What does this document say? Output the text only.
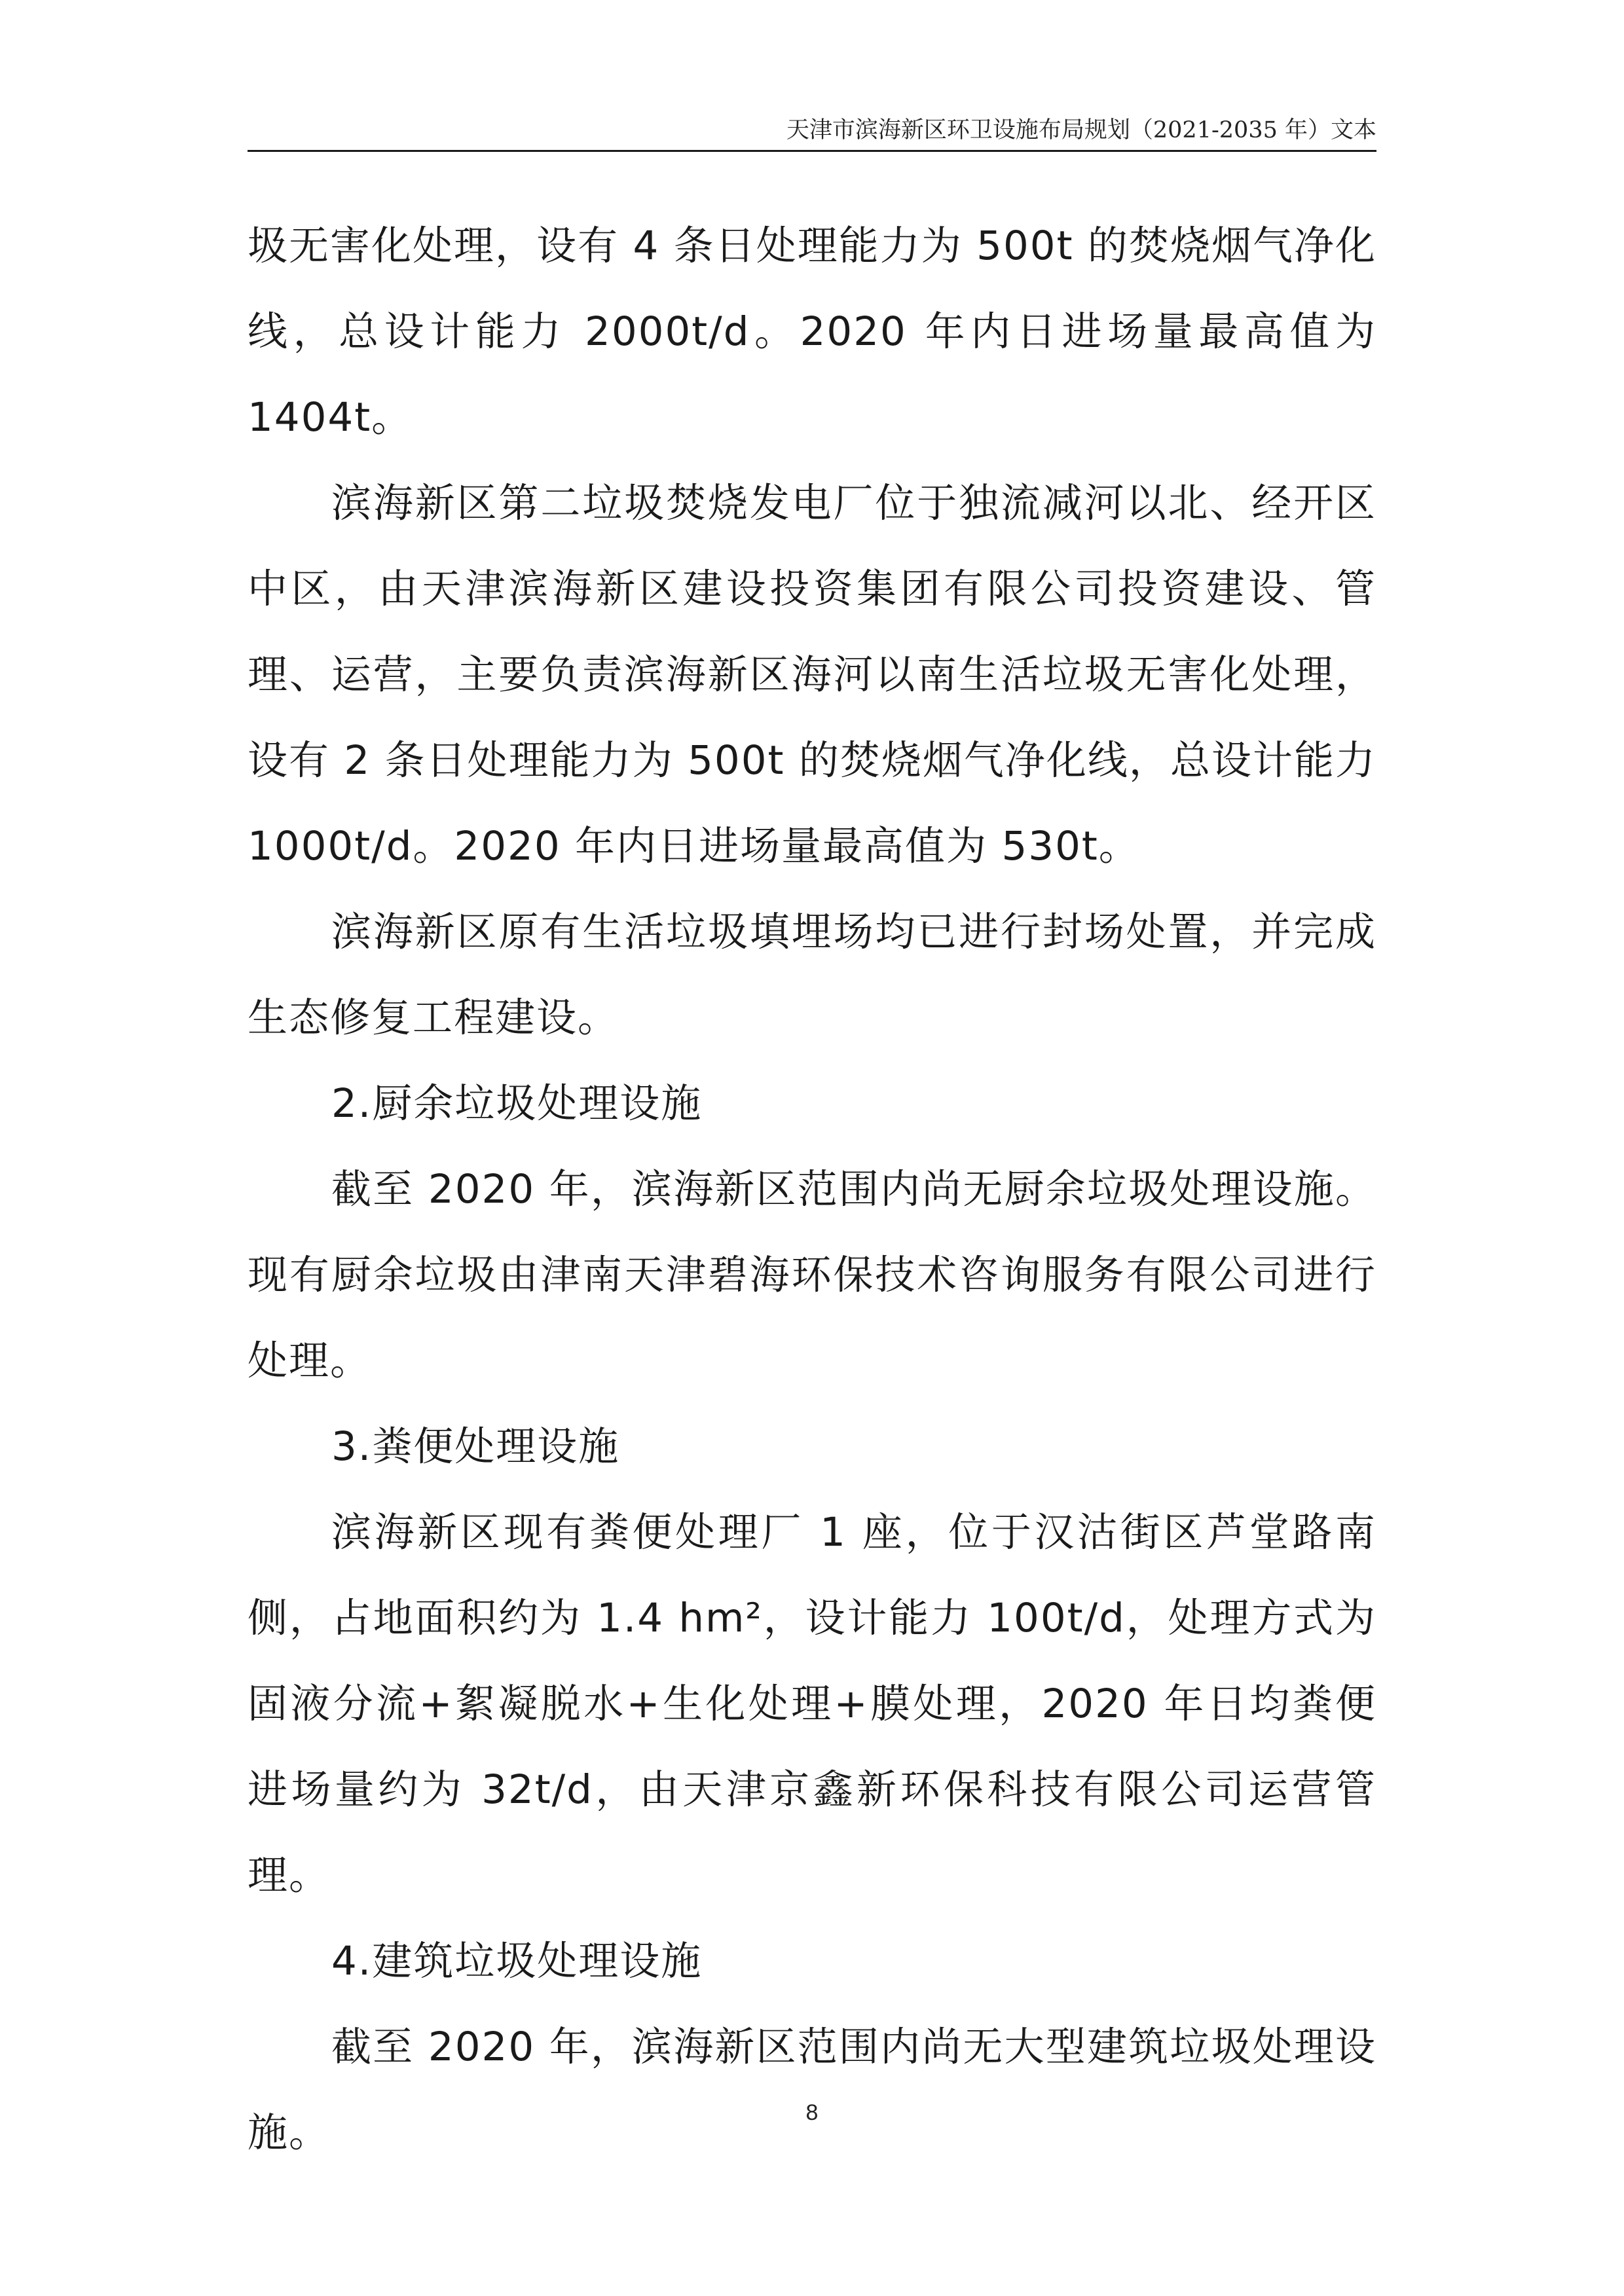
天津市滨海新区环卫设施布局规划（2021-2035 年）文本

圾无害化处理，设有 4 条日处理能力为 500t 的焚烧烟气净化线，总设计能力 2000t/d。2020 年内日进场量最高值为 1404t。

滨海新区第二垃圾焚烧发电厂位于独流减河以北、经开区中区，由天津滨海新区建设投资集团有限公司投资建设、管理、运营，主要负责滨海新区海河以南生活垃圾无害化处理，设有 2 条日处理能力为 500t 的焚烧烟气净化线，总设计能力 1000t/d。2020 年内日进场量最高值为 530t。

滨海新区原有生活垃圾填埋场均已进行封场处置，并完成生态修复工程建设。

2.厨余垃圾处理设施

截至 2020 年，滨海新区范围内尚无厨余垃圾处理设施。现有厨余垃圾由津南天津碧海环保技术咨询服务有限公司进行处理。

3.粪便处理设施

滨海新区现有粪便处理厂 1 座，位于汉沽街区芦堂路南侧，占地面积约为 1.4 hm²，设计能力 100t/d，处理方式为固液分流+絮凝脱水+生化处理+膜处理，2020 年日均粪便进场量约为 32t/d，由天津京鑫新环保科技有限公司运营管理。

4.建筑垃圾处理设施

截至 2020 年，滨海新区范围内尚无大型建筑垃圾处理设施。	8
